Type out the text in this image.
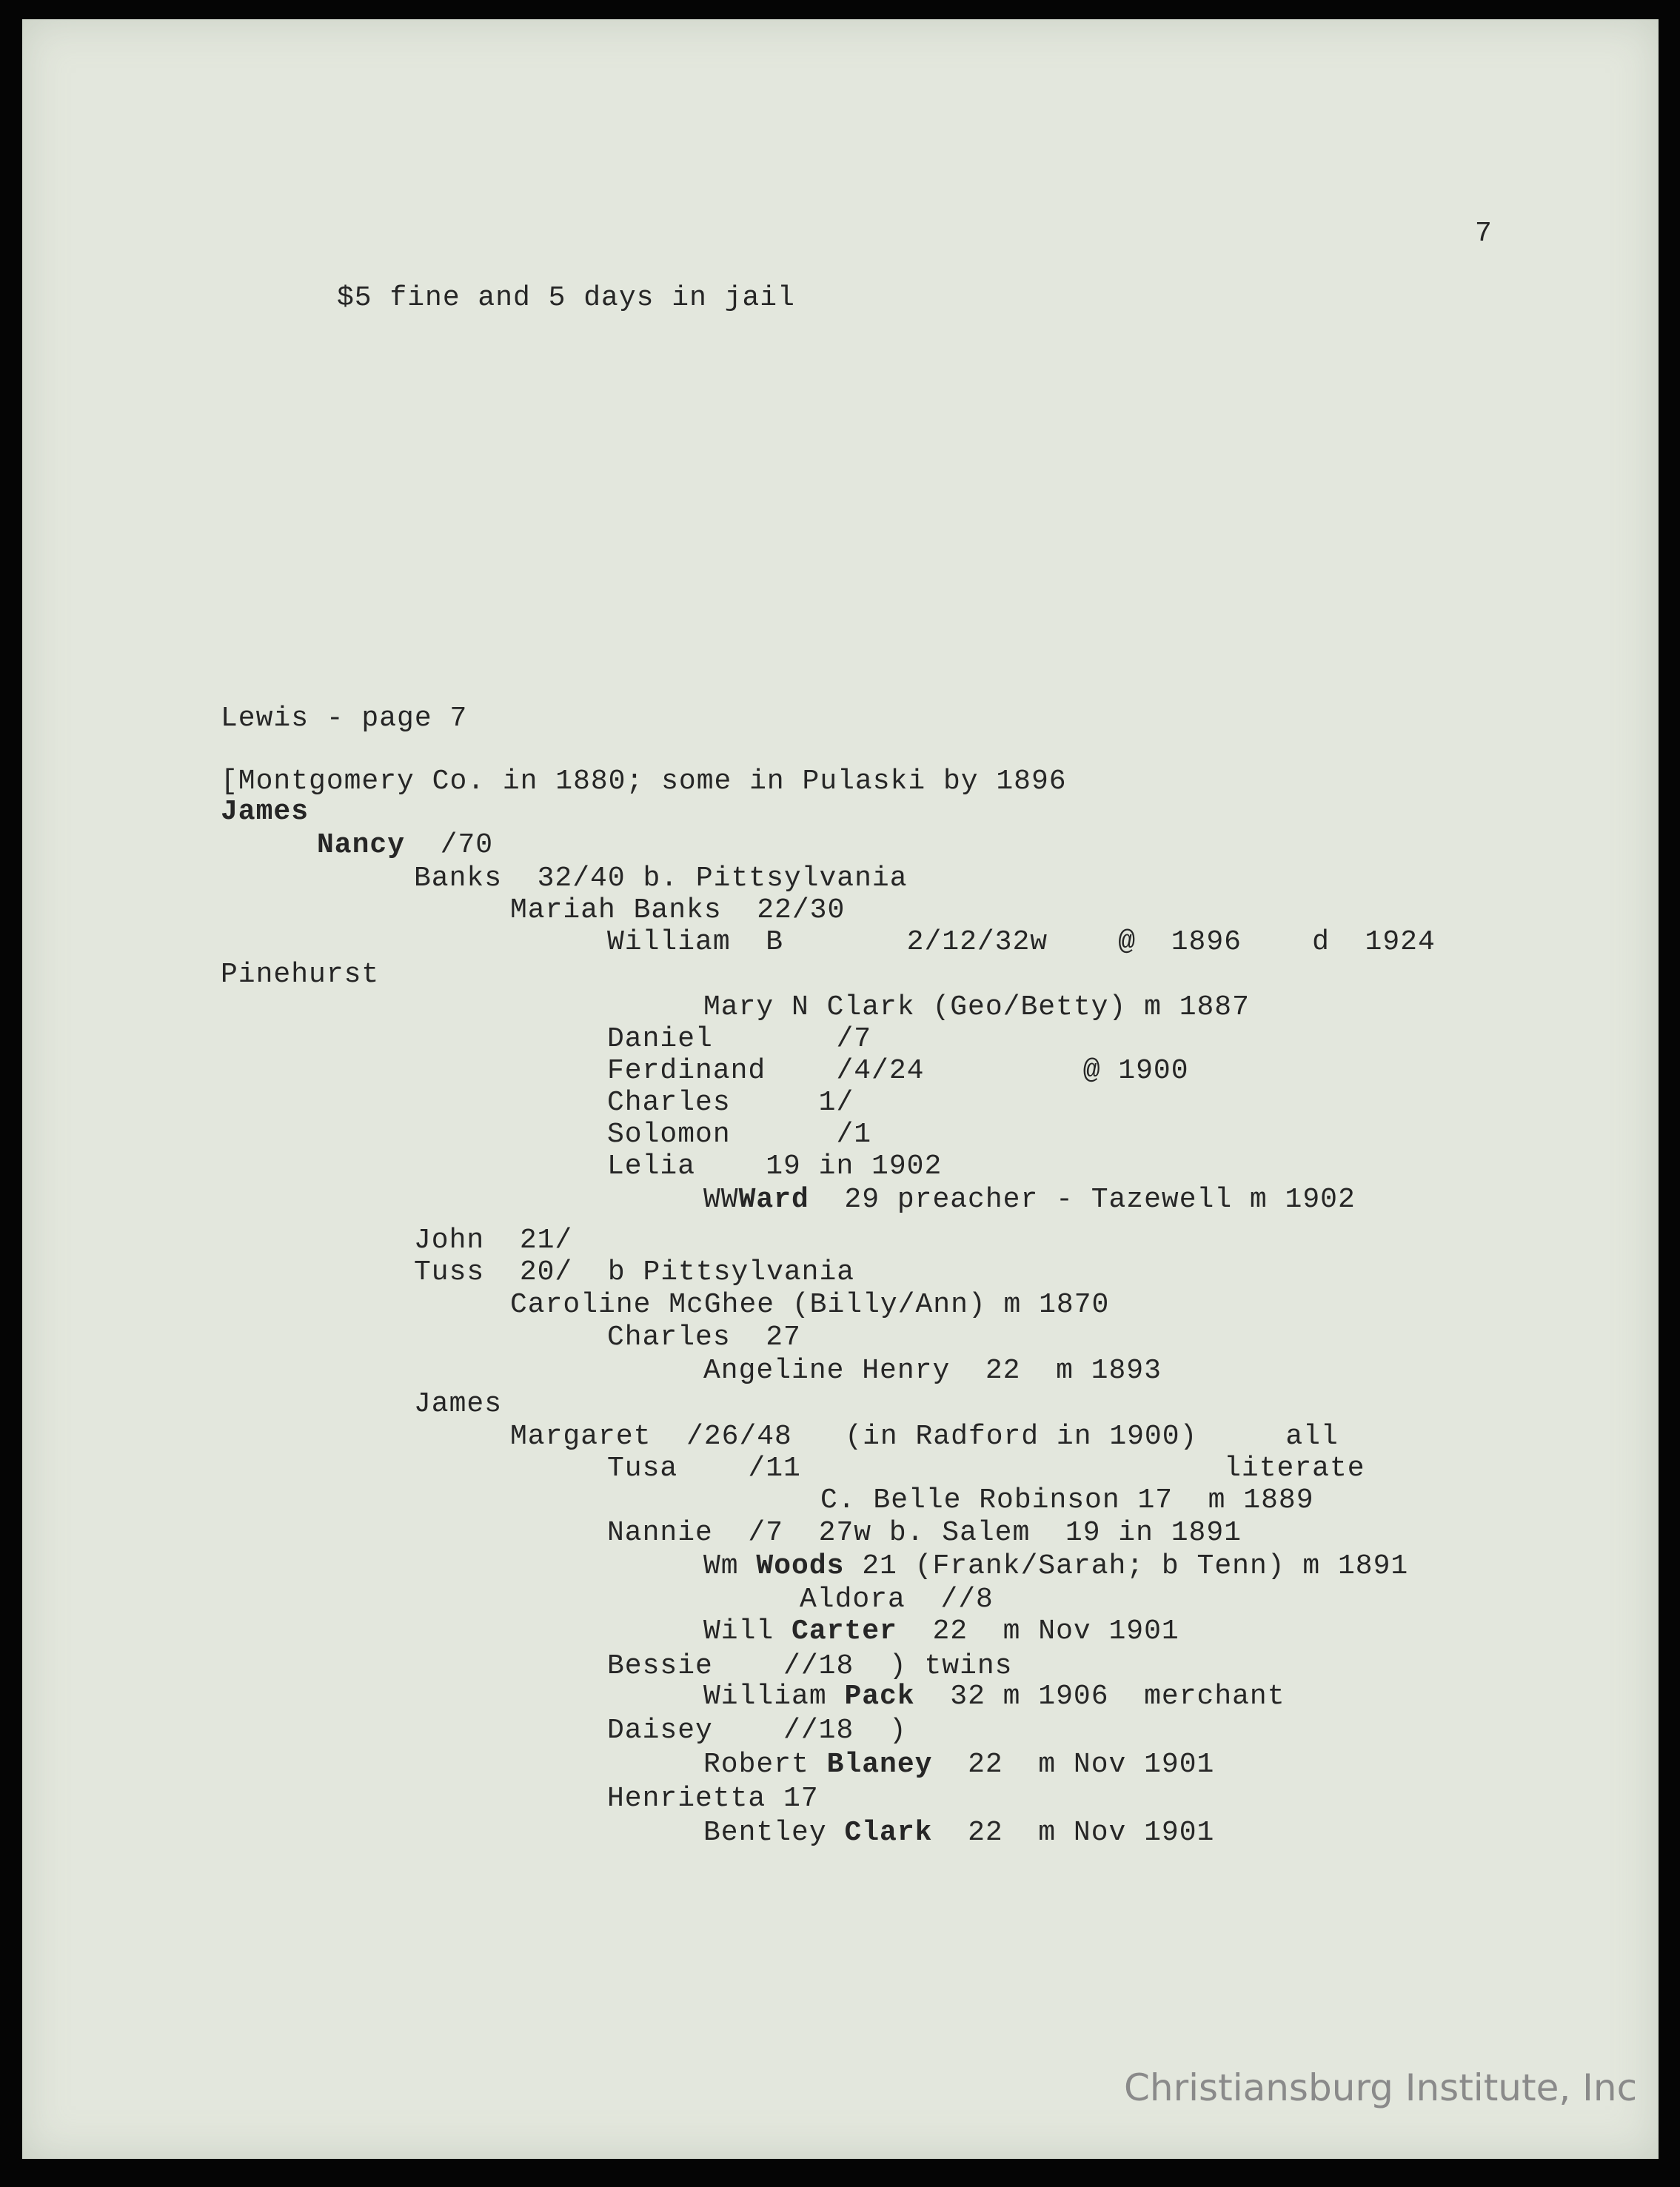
7
$5 fine and 5 days in jail
Lewis - page 7
[Montgomery Co. in 1880; some in Pulaski by 1896
James
Nancy  /70
Banks  32/40 b. Pittsylvania
Mariah Banks  22/30
William  B       2/12/32w    @  1896    d  1924
Pinehurst
Mary N Clark (Geo/Betty) m 1887
Daniel       /7
Ferdinand    /4/24         @ 1900
Charles     1/
Solomon      /1
Lelia    19 in 1902
WWWard  29 preacher - Tazewell m 1902
John  21/
Tuss  20/  b Pittsylvania
Caroline McGhee (Billy/Ann) m 1870
Charles  27
Angeline Henry  22  m 1893
James
Margaret  /26/48   (in Radford in 1900)     all
Tusa    /11                        literate
C. Belle Robinson 17  m 1889
Nannie  /7  27w b. Salem  19 in 1891
Wm Woods 21 (Frank/Sarah; b Tenn) m 1891
Aldora  //8
Will Carter  22  m Nov 1901
Bessie    //18  ) twins
William Pack  32 m 1906  merchant
Daisey    //18  )
Robert Blaney  22  m Nov 1901
Henrietta 17
Bentley Clark  22  m Nov 1901
Christiansburg Institute, Inc
